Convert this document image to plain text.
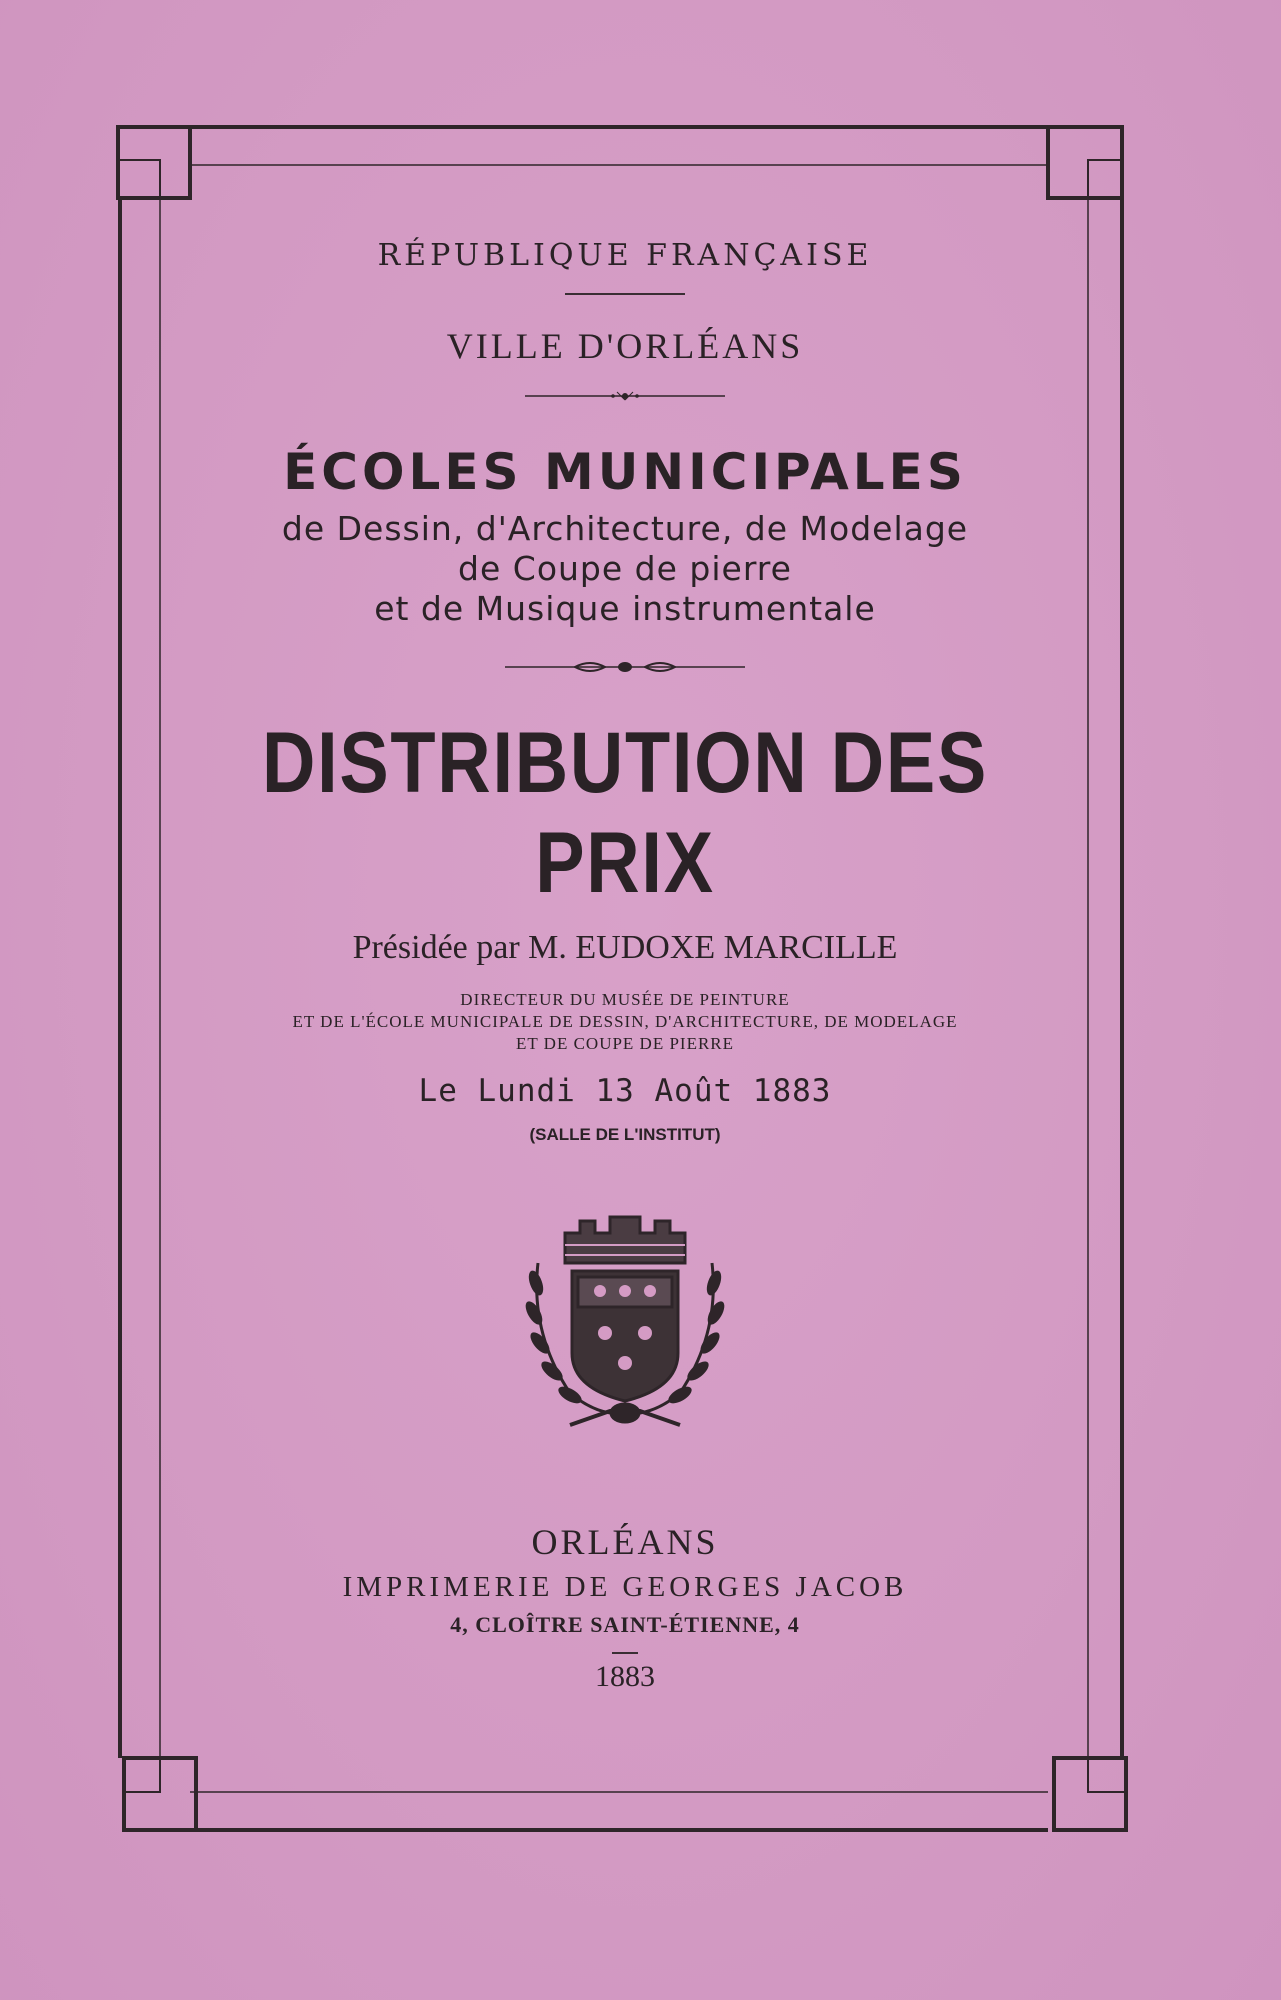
RÉPUBLIQUE FRANÇAISE
VILLE D'ORLÉANS
ÉCOLES MUNICIPALES
de Dessin, d'Architecture, de Modelage
de Coupe de pierre
et de Musique instrumentale
DISTRIBUTION DES PRIX
Présidée par M. EUDOXE MARCILLE
DIRECTEUR DU MUSÉE DE PEINTURE
ET DE L'ÉCOLE MUNICIPALE DE DESSIN, D'ARCHITECTURE, DE MODELAGE
ET DE COUPE DE PIERRE
Le Lundi 13 Août 1883
(SALLE DE L'INSTITUT)
ORLÉANS
IMPRIMERIE DE GEORGES JACOB
4, CLOÎTRE SAINT-ÉTIENNE, 4
1883
